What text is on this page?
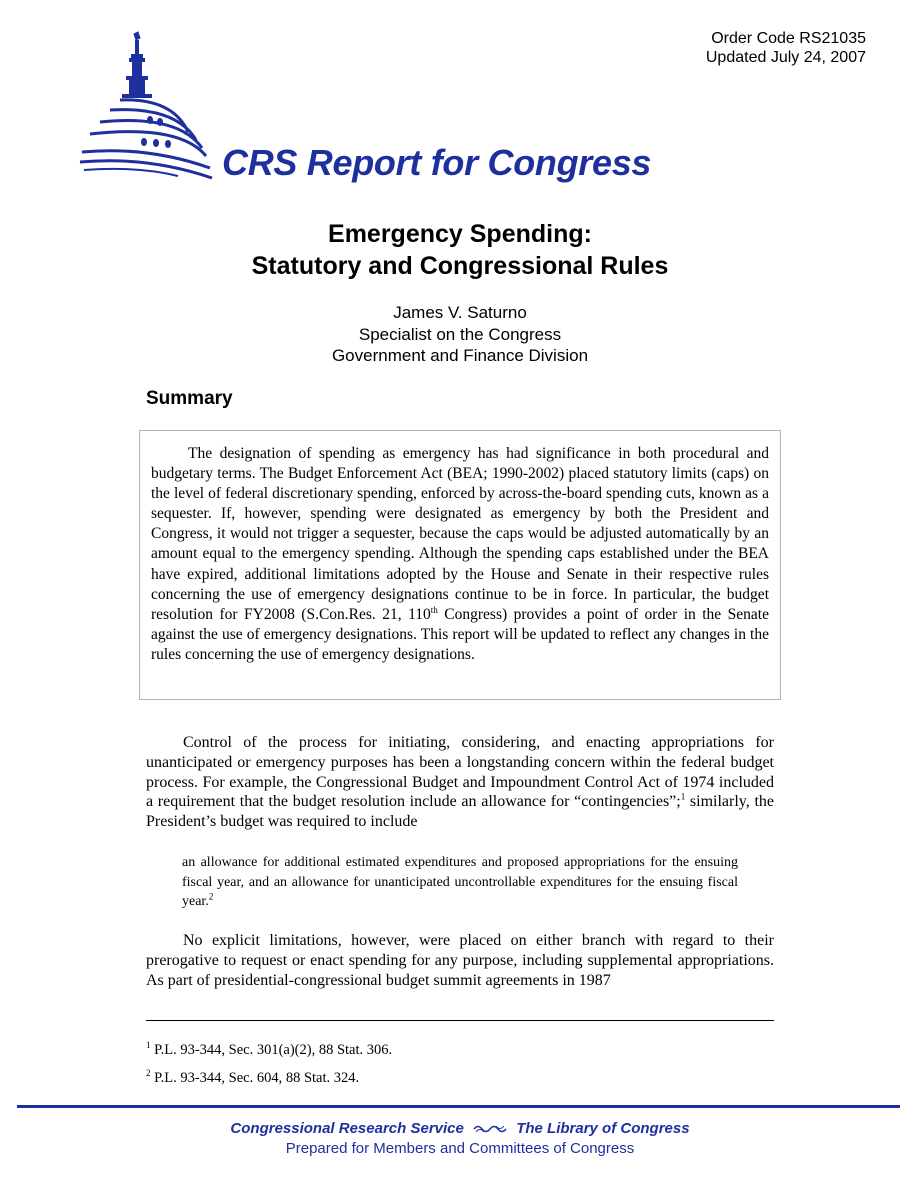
Order Code RS21035
Updated July 24, 2007
CRS Report for Congress
Emergency Spending:
Statutory and Congressional Rules
James V. Saturno
Specialist on the Congress
Government and Finance Division
Summary

The designation of spending as emergency has had significance in both procedural and budgetary terms. The Budget Enforcement Act (BEA; 1990-2002) placed statutory limits (caps) on the level of federal discretionary spending, enforced by across-the-board spending cuts, known as a sequester. If, however, spending were designated as emergency by both the President and Congress, it would not trigger a sequester, because the caps would be adjusted automatically by an amount equal to the emergency spending. Although the spending caps established under the BEA have expired, additional limitations adopted by the House and Senate in their respective rules concerning the use of emergency designations continue to be in force. In particular, the budget resolution for FY2008 (S.Con.Res. 21, 110th Congress) provides a point of order in the Senate against the use of emergency designations. This report will be updated to reflect any changes in the rules concerning the use of emergency designations.

Control of the process for initiating, considering, and enacting appropriations for unanticipated or emergency purposes has been a longstanding concern within the federal budget process. For example, the Congressional Budget and Impoundment Control Act of 1974 included a requirement that the budget resolution include an allowance for “contingencies”;$^1$ similarly, the President’s budget was required to include

an allowance for additional estimated expenditures and proposed appropriations for the ensuing fiscal year, and an allowance for unanticipated uncontrollable expenditures for the ensuing fiscal year.$^2$

No explicit limitations, however, were placed on either branch with regard to their prerogative to request or enact spending for any purpose, including supplemental appropriations. As part of presidential-congressional budget summit agreements in 1987

$^1$ P.L. 93-344, Sec. 301(a)(2), 88 Stat. 306.
$^2$ P.L. 93-344, Sec. 604, 88 Stat. 324.
Congressional Research Service	The Library of Congress
Prepared for Members and Committees of Congress
